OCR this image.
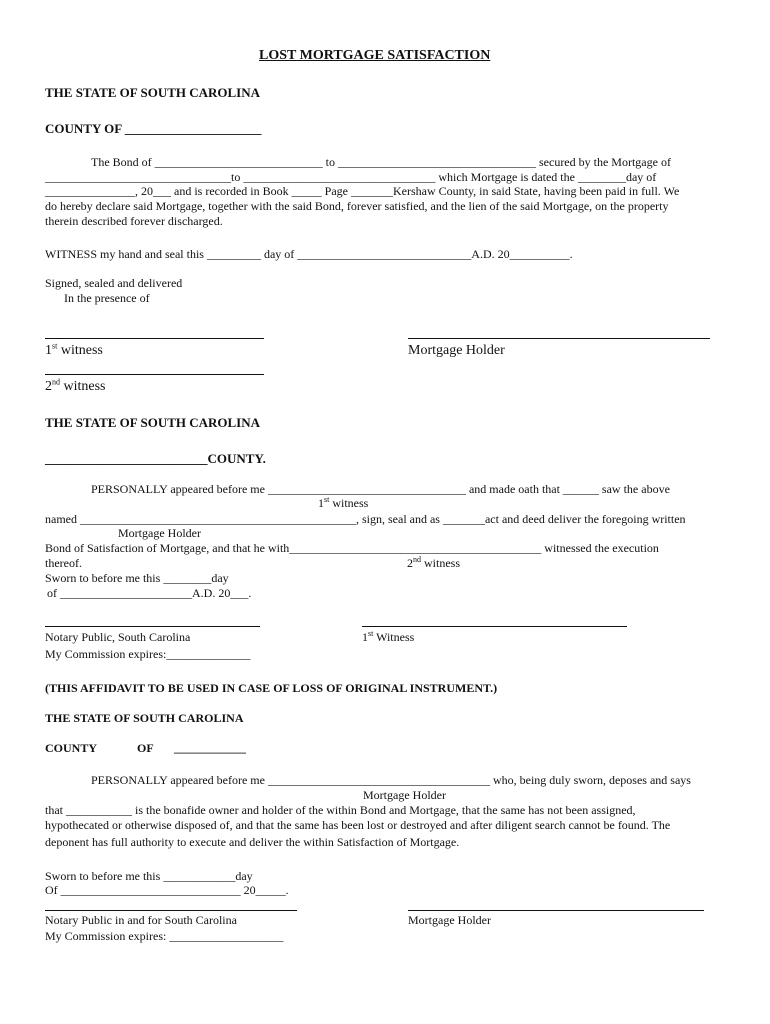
LOST MORTGAGE SATISFACTION
THE STATE OF SOUTH CAROLINA
COUNTY OF _____________________
The Bond of ____________________________ to _________________________________ secured by the Mortgage of
_______________________________to ________________________________ which Mortgage is dated the ________day of
_______________, 20___ and is recorded in Book _____ Page _______Kershaw County, in said State, having been paid in full. We
do hereby declare said Mortgage, together with the said Bond, forever satisfied, and the lien of the said Mortgage, on the property
therein described forever discharged.
WITNESS my hand and seal this _________ day of _____________________________A.D. 20__________.
Signed, sealed and delivered
In the presence of
1st witness	Mortgage Holder
2nd witness
THE STATE OF SOUTH CAROLINA
_________________________COUNTY.
PERSONALLY appeared before me _________________________________ and made oath that ______ saw the above
1st witness
named ______________________________________________, sign, seal and as _______act and deed deliver the foregoing written
Mortgage Holder
Bond of Satisfaction of Mortgage, and that he with__________________________________________ witnessed the execution
thereof.	2nd witness
Sworn to before me this ________day
of ______________________A.D. 20___.
Notary Public, South Carolina	1st Witness
My Commission expires:______________
(THIS AFFIDAVIT TO BE USED IN CASE OF LOSS OF ORIGINAL INSTRUMENT.)
THE STATE OF SOUTH CAROLINA
COUNTY	OF ____________
PERSONALLY appeared before me _____________________________________ who, being duly sworn, deposes and says
Mortgage Holder
that ___________ is the bonafide owner and holder of the within Bond and Mortgage, that the same has not been assigned,
hypothecated or otherwise disposed of, and that the same has been lost or destroyed and after diligent search cannot be found. The
deponent has full authority to execute and deliver the within Satisfaction of Mortgage.
Sworn to before me this ____________day
Of ______________________________ 20_____.
Notary Public in and for South Carolina	Mortgage Holder
My Commission expires: ___________________
